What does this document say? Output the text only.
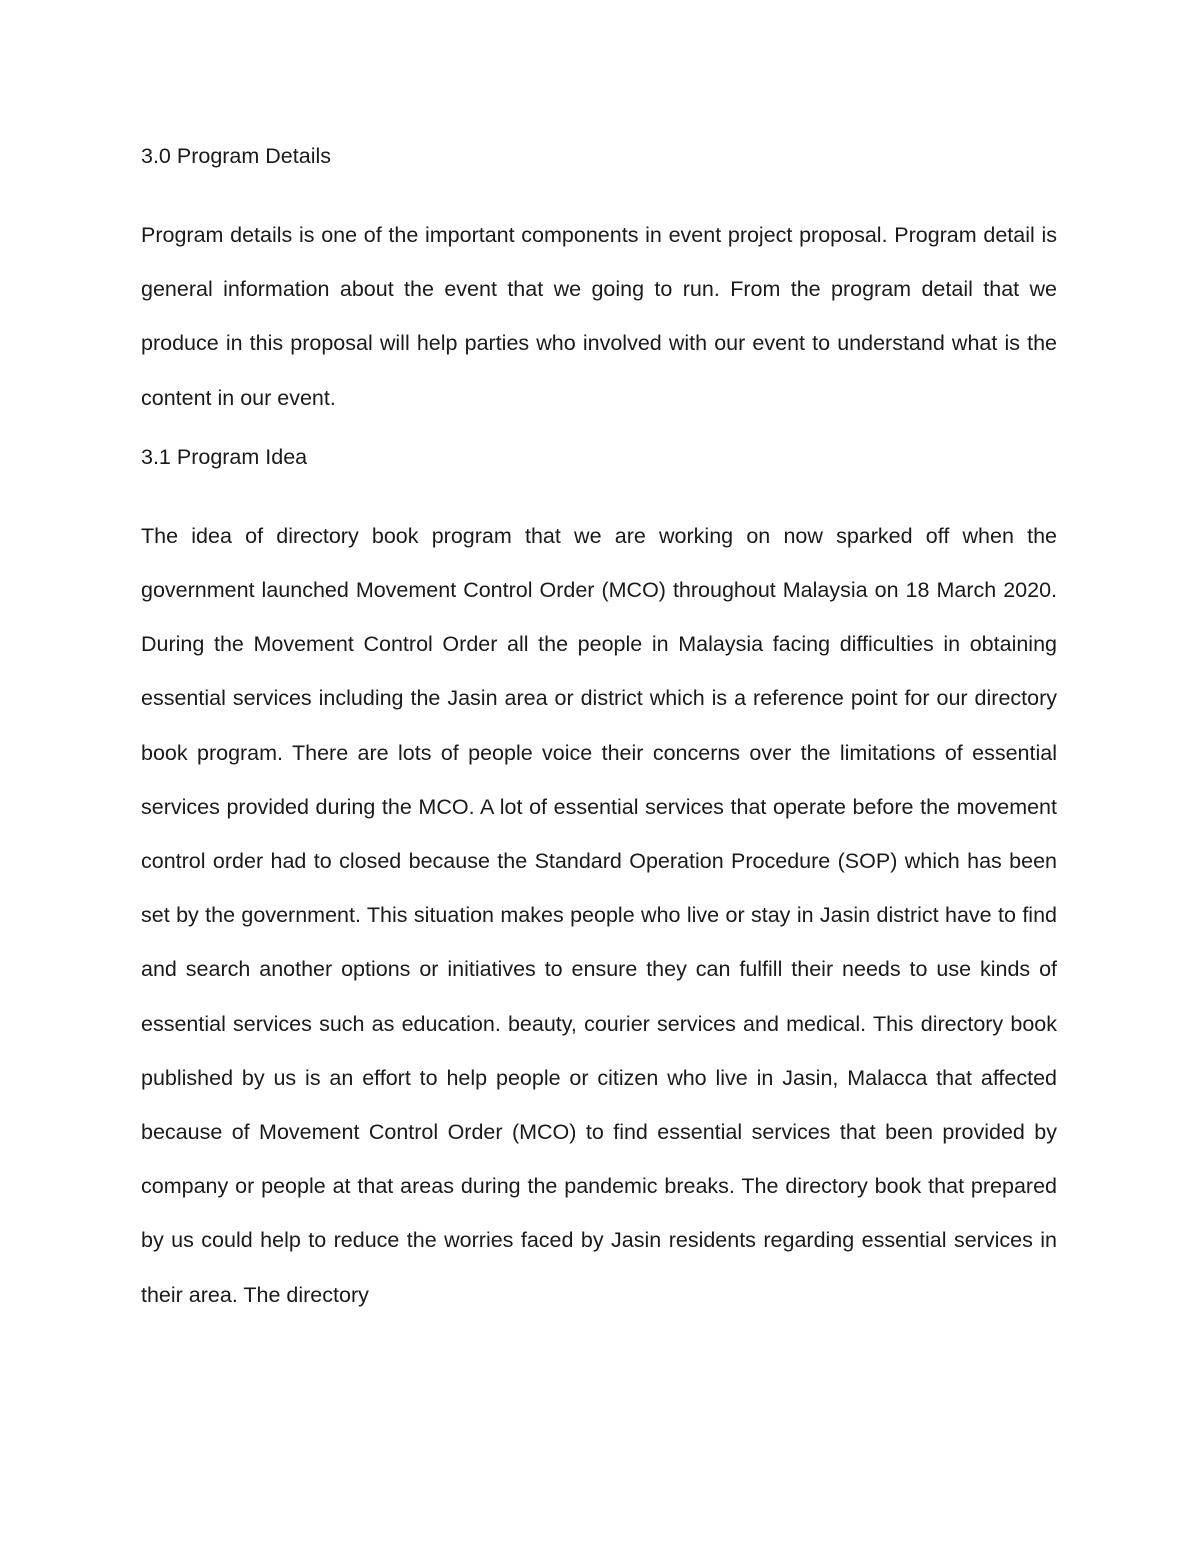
3.0 Program Details

Program details is one of the important components in event project proposal. Program detail is general information about the event that we going to run. From the program detail that we produce in this proposal will help parties who involved with our event to understand what is the content in our event.

3.1 Program Idea

The idea of directory book program that we are working on now sparked off when the government launched Movement Control Order (MCO) throughout Malaysia on 18 March 2020. During the Movement Control Order all the people in Malaysia facing difficulties in obtaining essential services including the Jasin area or district which is a reference point for our directory book program. There are lots of people voice their concerns over the limitations of essential services provided during the MCO. A lot of essential services that operate before the movement control order had to closed because the Standard Operation Procedure (SOP) which has been set by the government. This situation makes people who live or stay in Jasin district have to find and search another options or initiatives to ensure they can fulfill their needs to use kinds of essential services such as education. beauty, courier services and medical. This directory book published by us is an effort to help people or citizen who live in Jasin, Malacca that affected because of Movement Control Order (MCO) to find essential services that been provided by company or people at that areas during the pandemic breaks. The directory book that prepared by us could help to reduce the worries faced by Jasin residents regarding essential services in their area. The directory
